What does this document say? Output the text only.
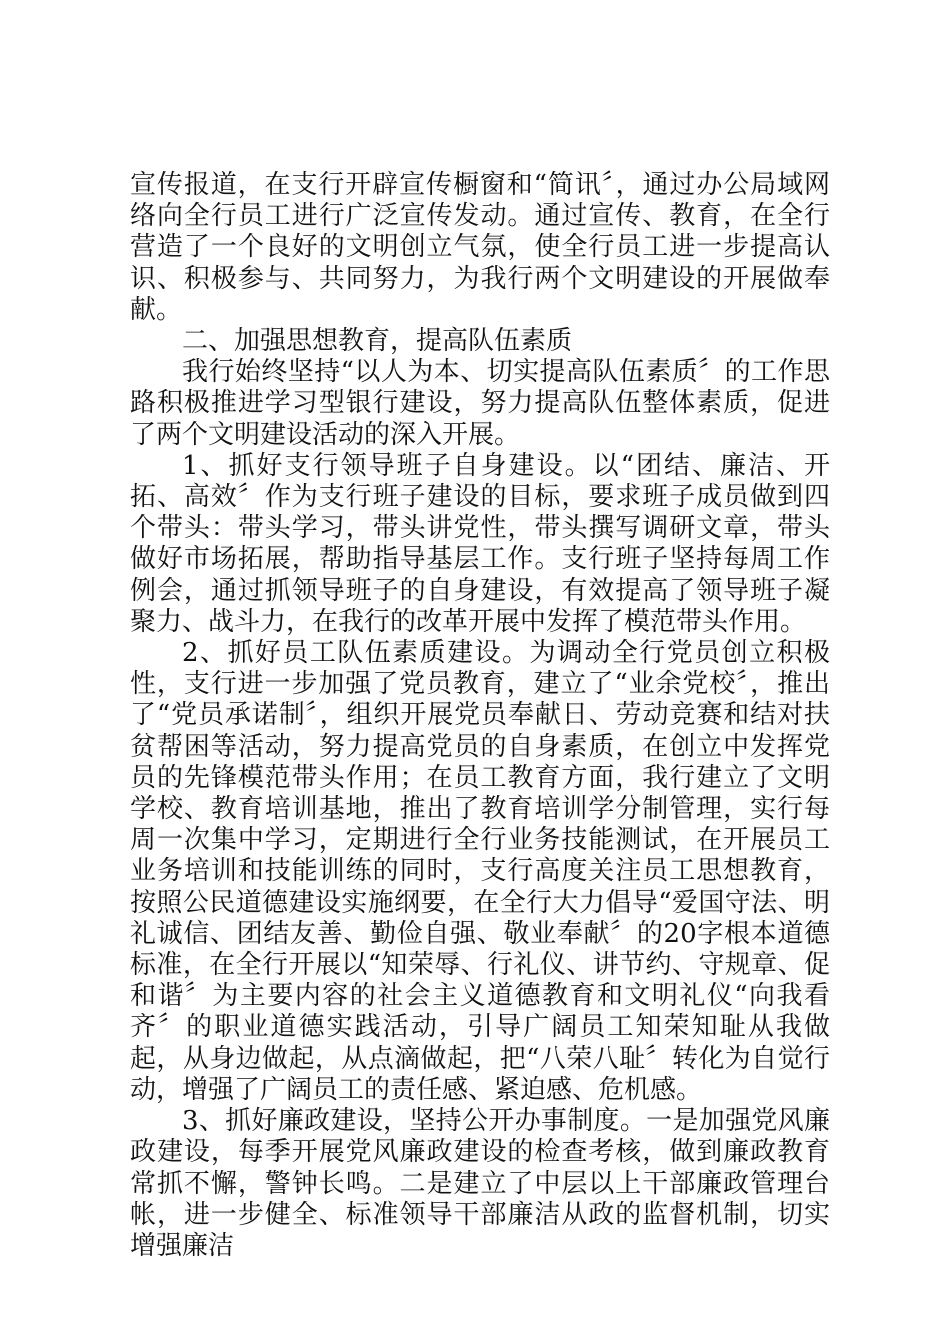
宣传报道，在支行开辟宣传橱窗和“简讯〞，通过办公局域网络向全行员工进行广泛宣传发动。通过宣传、教育，在全行营造了一个良好的文明创立气氛，使全行员工进一步提高认识、积极参与、共同努力，为我行两个文明建设的开展做奉献。

二、加强思想教育，提高队伍素质

我行始终坚持“以人为本、切实提高队伍素质〞的工作思路积极推进学习型银行建设，努力提高队伍整体素质，促进了两个文明建设活动的深入开展。

1、抓好支行领导班子自身建设。以“团结、廉洁、开拓、高效〞作为支行班子建设的目标，要求班子成员做到四个带头：带头学习，带头讲党性，带头撰写调研文章，带头做好市场拓展，帮助指导基层工作。支行班子坚持每周工作例会，通过抓领导班子的自身建设，有效提高了领导班子凝聚力、战斗力，在我行的改革开展中发挥了模范带头作用。

2、抓好员工队伍素质建设。为调动全行党员创立积极性，支行进一步加强了党员教育，建立了“业余党校〞，推出了“党员承诺制〞，组织开展党员奉献日、劳动竞赛和结对扶贫帮困等活动，努力提高党员的自身素质，在创立中发挥党员的先锋模范带头作用；在员工教育方面，我行建立了文明学校、教育培训基地，推出了教育培训学分制管理，实行每周一次集中学习，定期进行全行业务技能测试，在开展员工业务培训和技能训练的同时，支行高度关注员工思想教育，按照公民道德建设实施纲要，在全行大力倡导“爱国守法、明礼诚信、团结友善、勤俭自强、敬业奉献〞的20字根本道德标准，在全行开展以“知荣辱、行礼仪、讲节约、守规章、促和谐〞为主要内容的社会主义道德教育和文明礼仪“向我看齐〞的职业道德实践活动，引导广阔员工知荣知耻从我做起，从身边做起，从点滴做起，把“八荣八耻〞转化为自觉行动，增强了广阔员工的责任感、紧迫感、危机感。

3、抓好廉政建设，坚持公开办事制度。一是加强党风廉政建设，每季开展党风廉政建设的检查考核，做到廉政教育常抓不懈，警钟长鸣。二是建立了中层以上干部廉政管理台帐，进一步健全、标准领导干部廉洁从政的监督机制，切实增强廉洁
